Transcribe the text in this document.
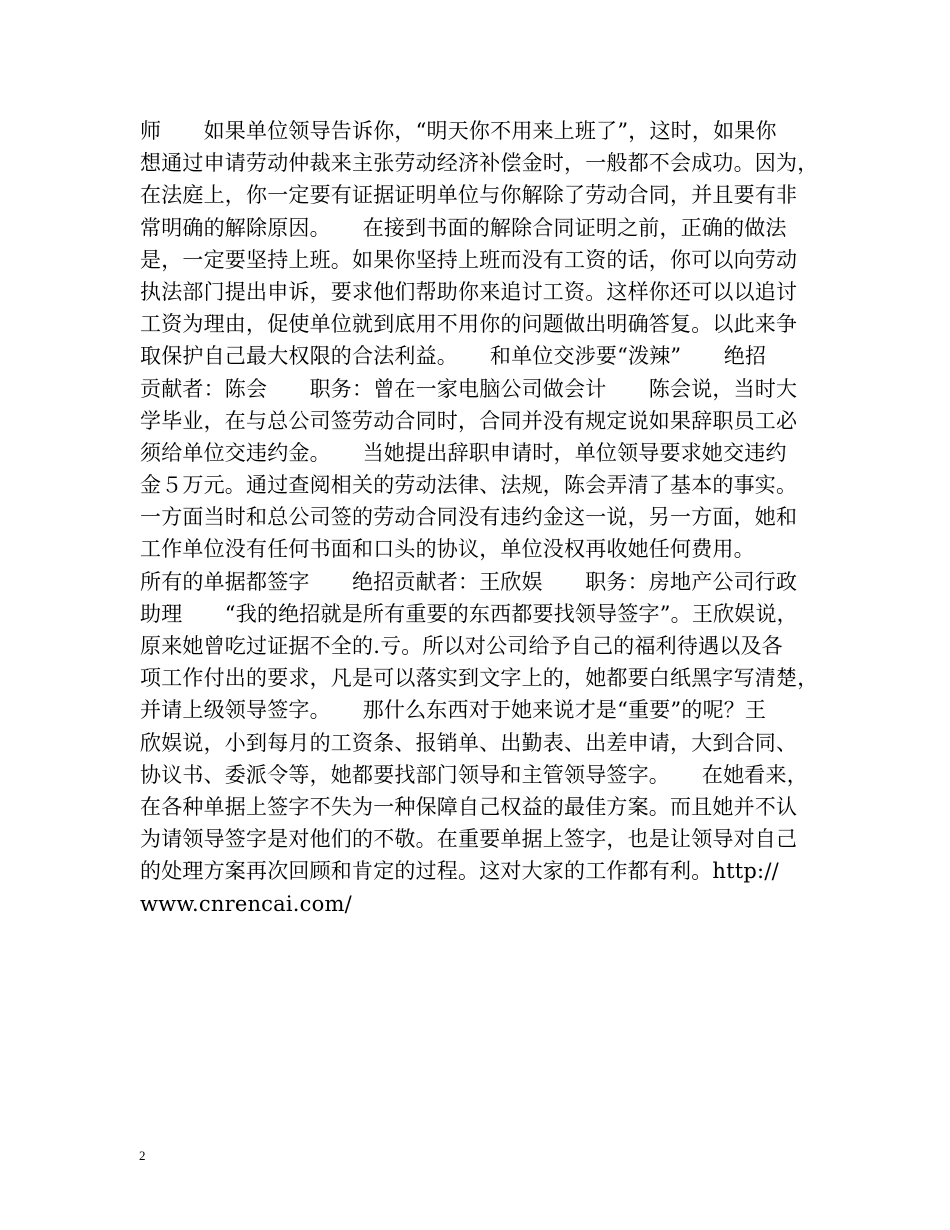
师　　如果单位领导告诉你，“明天你不用来上班了”，这时，如果你
想通过申请劳动仲裁来主张劳动经济补偿金时，一般都不会成功。因为，
在法庭上，你一定要有证据证明单位与你解除了劳动合同，并且要有非
常明确的解除原因。　　在接到书面的解除合同证明之前，正确的做法
是，一定要坚持上班。如果你坚持上班而没有工资的话，你可以向劳动
执法部门提出申诉，要求他们帮助你来追讨工资。这样你还可以以追讨
工资为理由，促使单位就到底用不用你的问题做出明确答复。以此来争
取保护自己最大权限的合法利益。　　和单位交涉要“泼辣”　　绝招
贡献者：陈会　　职务：曾在一家电脑公司做会计　　陈会说，当时大
学毕业，在与总公司签劳动合同时，合同并没有规定说如果辞职员工必
须给单位交违约金。　　当她提出辞职申请时，单位领导要求她交违约
金５万元。通过查阅相关的劳动法律、法规，陈会弄清了基本的事实。
一方面当时和总公司签的劳动合同没有违约金这一说，另一方面，她和
工作单位没有任何书面和口头的协议，单位没权再收她任何费用。　　
所有的单据都签字　　绝招贡献者：王欣娱　　职务：房地产公司行政
助理　　“我的绝招就是所有重要的东西都要找领导签字”。王欣娱说，
原来她曾吃过证据不全的.亏。所以对公司给予自己的福利待遇以及各
项工作付出的要求，凡是可以落实到文字上的，她都要白纸黑字写清楚，
并请上级领导签字。　　那什么东西对于她来说才是“重要”的呢？王
欣娱说，小到每月的工资条、报销单、出勤表、出差申请，大到合同、
协议书、委派令等，她都要找部门领导和主管领导签字。　　在她看来，
在各种单据上签字不失为一种保障自己权益的最佳方案。而且她并不认
为请领导签字是对他们的不敬。在重要单据上签字，也是让领导对自己
的处理方案再次回顾和肯定的过程。这对大家的工作都有利。http://
www.cnrencai.com/
2
